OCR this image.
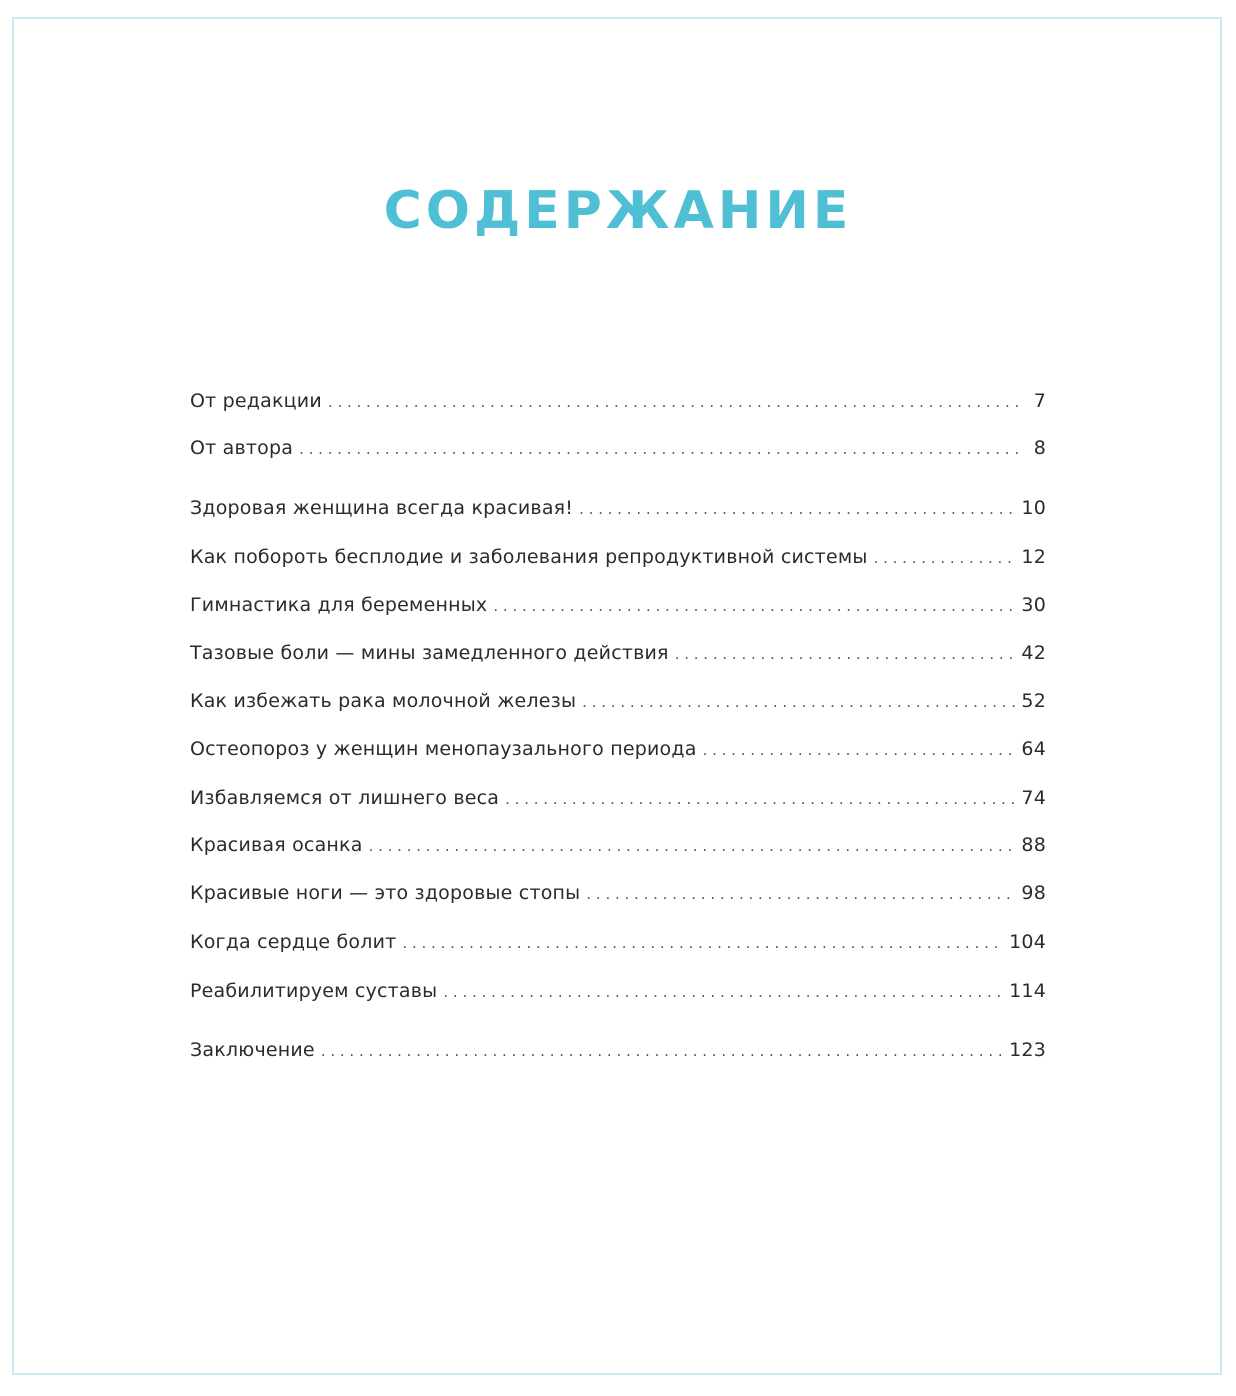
СОДЕРЖАНИЕ
От редакции . . .	7
От автора . . .	8
Здоровая женщина всегда красивая! . . .	10
Как побороть бесплодие и заболевания репродуктивной системы . . .	12
Гимнастика для беременных . . .	30
Тазовые боли — мины замедленного действия . . .	42
Как избежать рака молочной железы . . .	52
Остеопороз у женщин менопаузального периода . . .	64
Избавляемся от лишнего веса . . .	74
Красивая осанка . . .	88
Красивые ноги — это здоровые стопы . . .	98
Когда сердце болит . . .	104
Реабилитируем суставы . . .	114
Заключение . . .	123
